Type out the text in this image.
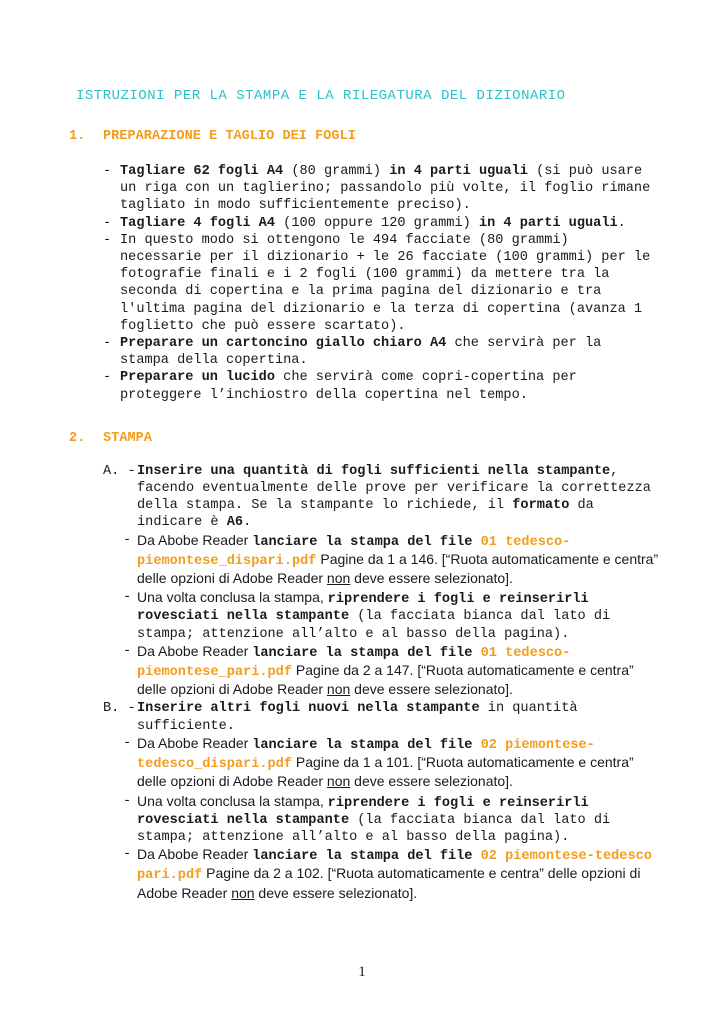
ISTRUZIONI PER LA STAMPA E LA RILEGATURA DEL DIZIONARIO
1. PREPARAZIONE E TAGLIO DEI FOGLI
- Tagliare 62 fogli A4 (80 grammi) in 4 parti uguali (si può usare un riga con un taglierino; passandolo più volte, il foglio rimane tagliato in modo sufficientemente preciso).
- Tagliare 4 fogli A4 (100 oppure 120 grammi) in 4 parti uguali.
- In questo modo si ottengono le 494 facciate (80 grammi) necessarie per il dizionario + le 26 facciate (100 grammi) per le fotografie finali e i 2 fogli (100 grammi) da mettere tra la seconda di copertina e la prima pagina del dizionario e tra l'ultima pagina del dizionario e la terza di copertina (avanza 1 foglietto che può essere scartato).
- Preparare un cartoncino giallo chiaro A4 che servirà per la stampa della copertina.
- Preparare un lucido che servirà come copri-copertina per proteggere l’inchiostro della copertina nel tempo.
2. STAMPA
A. - Inserire una quantità di fogli sufficienti nella stampante, facendo eventualmente delle prove per verificare la correttezza della stampa. Se la stampante lo richiede, il formato da indicare è A6.
- Da Abobe Reader lanciare la stampa del file 01 tedesco-piemontese_dispari.pdf Pagine da 1 a 146. [“Ruota automaticamente e centra” delle opzioni di Adobe Reader non deve essere selezionato].
- Una volta conclusa la stampa, riprendere i fogli e reinserirli rovesciati nella stampante (la facciata bianca dal lato di stampa; attenzione all’alto e al basso della pagina).
- Da Abobe Reader lanciare la stampa del file 01 tedesco-piemontese_pari.pdf Pagine da 2 a 147. [“Ruota automaticamente e centra” delle opzioni di Adobe Reader non deve essere selezionato].
B. - Inserire altri fogli nuovi nella stampante in quantità sufficiente.
- Da Abobe Reader lanciare la stampa del file 02 piemontese-tedesco_dispari.pdf Pagine da 1 a 101. [“Ruota automaticamente e centra” delle opzioni di Adobe Reader non deve essere selezionato].
- Una volta conclusa la stampa, riprendere i fogli e reinserirli rovesciati nella stampante (la facciata bianca dal lato di stampa; attenzione all’alto e al basso della pagina).
- Da Abobe Reader lanciare la stampa del file 02 piemontese-tedesco pari.pdf Pagine da 2 a 102. [“Ruota automaticamente e centra” delle opzioni di Adobe Reader non deve essere selezionato].
1
